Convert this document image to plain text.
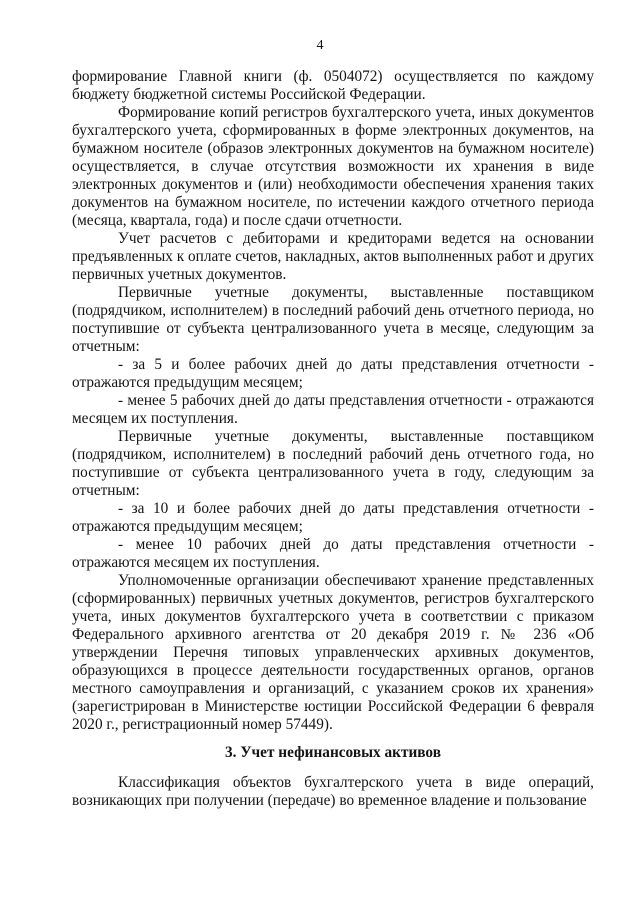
4

формирование Главной книги (ф. 0504072) осуществляется по каждому бюджету бюджетной системы Российской Федерации.

Формирование копий регистров бухгалтерского учета, иных документов бухгалтерского учета, сформированных в форме электронных документов, на бумажном носителе (образов электронных документов на бумажном носителе) осуществляется, в случае отсутствия возможности их хранения в виде электронных документов и (или) необходимости обеспечения хранения таких документов на бумажном носителе, по истечении каждого отчетного периода (месяца, квартала, года) и после сдачи отчетности.

Учет расчетов с дебиторами и кредиторами ведется на основании предъявленных к оплате счетов, накладных, актов выполненных работ и других первичных учетных документов.

Первичные учетные документы, выставленные поставщиком (подрядчиком, исполнителем) в последний рабочий день отчетного периода, но поступившие от субъекта централизованного учета в месяце, следующим за отчетным:

- за 5 и более рабочих дней до даты представления отчетности - отражаются предыдущим месяцем;

- менее 5 рабочих дней до даты представления отчетности - отражаются месяцем их поступления.

Первичные учетные документы, выставленные поставщиком (подрядчиком, исполнителем) в последний рабочий день отчетного года, но поступившие от субъекта централизованного учета в году, следующим за отчетным:

- за 10 и более рабочих дней до даты представления отчетности - отражаются предыдущим месяцем;

- менее 10 рабочих дней до даты представления отчетности - отражаются месяцем их поступления.

Уполномоченные организации обеспечивают хранение представленных (сформированных) первичных учетных документов, регистров бухгалтерского учета, иных документов бухгалтерского учета в соответствии с приказом Федерального архивного агентства от 20 декабря 2019 г. № 236 «Об утверждении Перечня типовых управленческих архивных документов, образующихся в процессе деятельности государственных органов, органов местного самоуправления и организаций, с указанием сроков их хранения» (зарегистрирован в Министерстве юстиции Российской Федерации 6 февраля 2020 г., регистрационный номер 57449).

3. Учет нефинансовых активов

Классификация объектов бухгалтерского учета в виде операций, возникающих при получении (передаче) во временное владение и пользование
